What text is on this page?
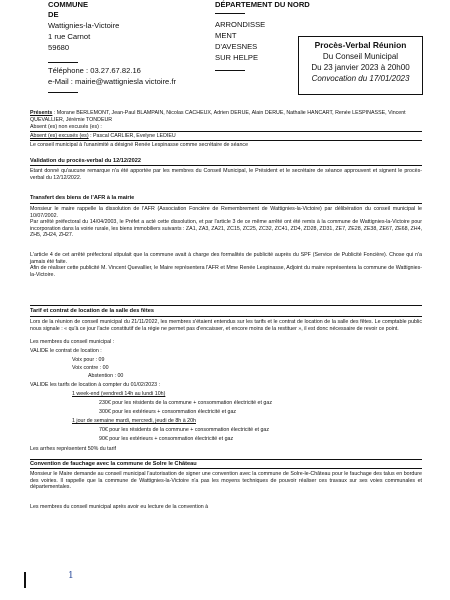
COMMUNE
DE
Wattignies-la-Victoire
1 rue Carnot
59680
Téléphone : 03.27.67.82.16
e-Mail : mairie@wattigniesla victoire.fr
DÉPARTEMENT DU NORD
ARRONDISSE
MENT
D'AVESNES
SUR HELPE
Procès-Verbal Réunion
Du Conseil Municipal
Du 23 janvier 2023 à 20h00
Convocation du 17/01/2023
Présents : Morane BERLEMONT, Jean-Paul BLAMPAIN, Nicolas CACHEUX, Adrien DERUE, Alain DERUE, Nathalie HANCART, Renée LESPINASSE, Vincent QUEVALLIER, Jérémie TONDEUR
Absent (es) non excusés (es) :
Absent (es) excusés (es) : Pascal CARLIER, Evelyne LEDIEU
Le conseil municipal à l'unanimité a désigné Renée Lespinasse comme secrétaire de séance
Validation du procès-verbal du 12/12/2022
Etant donné qu'aucune remarque n'a été apportée par les membres du Conseil Municipal, le Président et le secrétaire de séance approuvent et signent le procès-verbal du 12/12/2022.
Transfert des biens de l'AFR à la mairie
Monsieur le maire rappelle la dissolution de l'AFR (Association Foncière de Remembrement de Wattignies-la-Victoire) par délibération du conseil municipal le 10/07/2002.
Par arrêté préfectoral du 14/04/2003, le Préfet a acté cette dissolution, et par l'article 3 de ce même arrêté ont été remis à la commune de Wattignies-la-Victoire pour incorporation dans la voirie rurale, les biens immobiliers suivants : ZA1, ZA3, ZA21, ZC15, ZC25, ZC32, ZC41, ZD4, ZD28, ZD31, ZE7, ZE28, ZE38, ZE67, ZE68, ZH4, ZH5, ZH24, ZH27.
L'article 4 de cet arrêté préfectoral stipulait que la commune avait à charge des formalités de publicité auprès du SPF (Service de Publicité Foncière). Chose qui n'a jamais été faite.
Afin de réaliser cette publicité M. Vincent Quevallier, le Maire représentera l'AFR et Mme Renée Lespinasse, Adjoint du maire représentera la commune de Wattignies-la-Victoire.
Tarif et contrat de location de la salle des fêtes
Lors de la réunion de conseil municipal du 21/11/2022, les membres s'étaient entendus sur les tarifs et le contrat de location de la salle des fêtes. Le comptable public nous signale : « qu'à ce jour l'acte constitutif de la régie ne permet pas d'encaisser, et encore moins de la restituer », il est donc nécessaire de revoir ce point.
Les membres du conseil municipal :
VALIDE le contrat de location :
Voix pour : 09
Voix contre : 00
Abstention : 00
VALIDE les tarifs de location à compter du 01/02/2023 :
1 week-end (vendredi 14h au lundi 10h)
230€ pour les résidents de la commune + consommation électricité et gaz
300€ pour les extérieurs + consommation électricité et gaz
1 jour de semaine mardi, mercredi, jeudi de 8h à 20h
70€ pour les résidents de la commune + consommation électricité et gaz
90€ pour les extérieurs + consommation électricité et gaz
Les arrhes représentent 50% du tarif
Convention de fauchage avec la commune de Solre le Château
Monsieur le Maire demande au conseil municipal l'autorisation de signer une convention avec la commune de Solre-le-Château pour le fauchage des talus en bordure des voiries. Il rappelle que la commune de Wattignies-la-Victoire n'a pas les moyens techniques de pouvoir réaliser ces travaux sur ses voies communales et départementales.
Les membres du conseil municipal après avoir eu lecture de la convention à
1
